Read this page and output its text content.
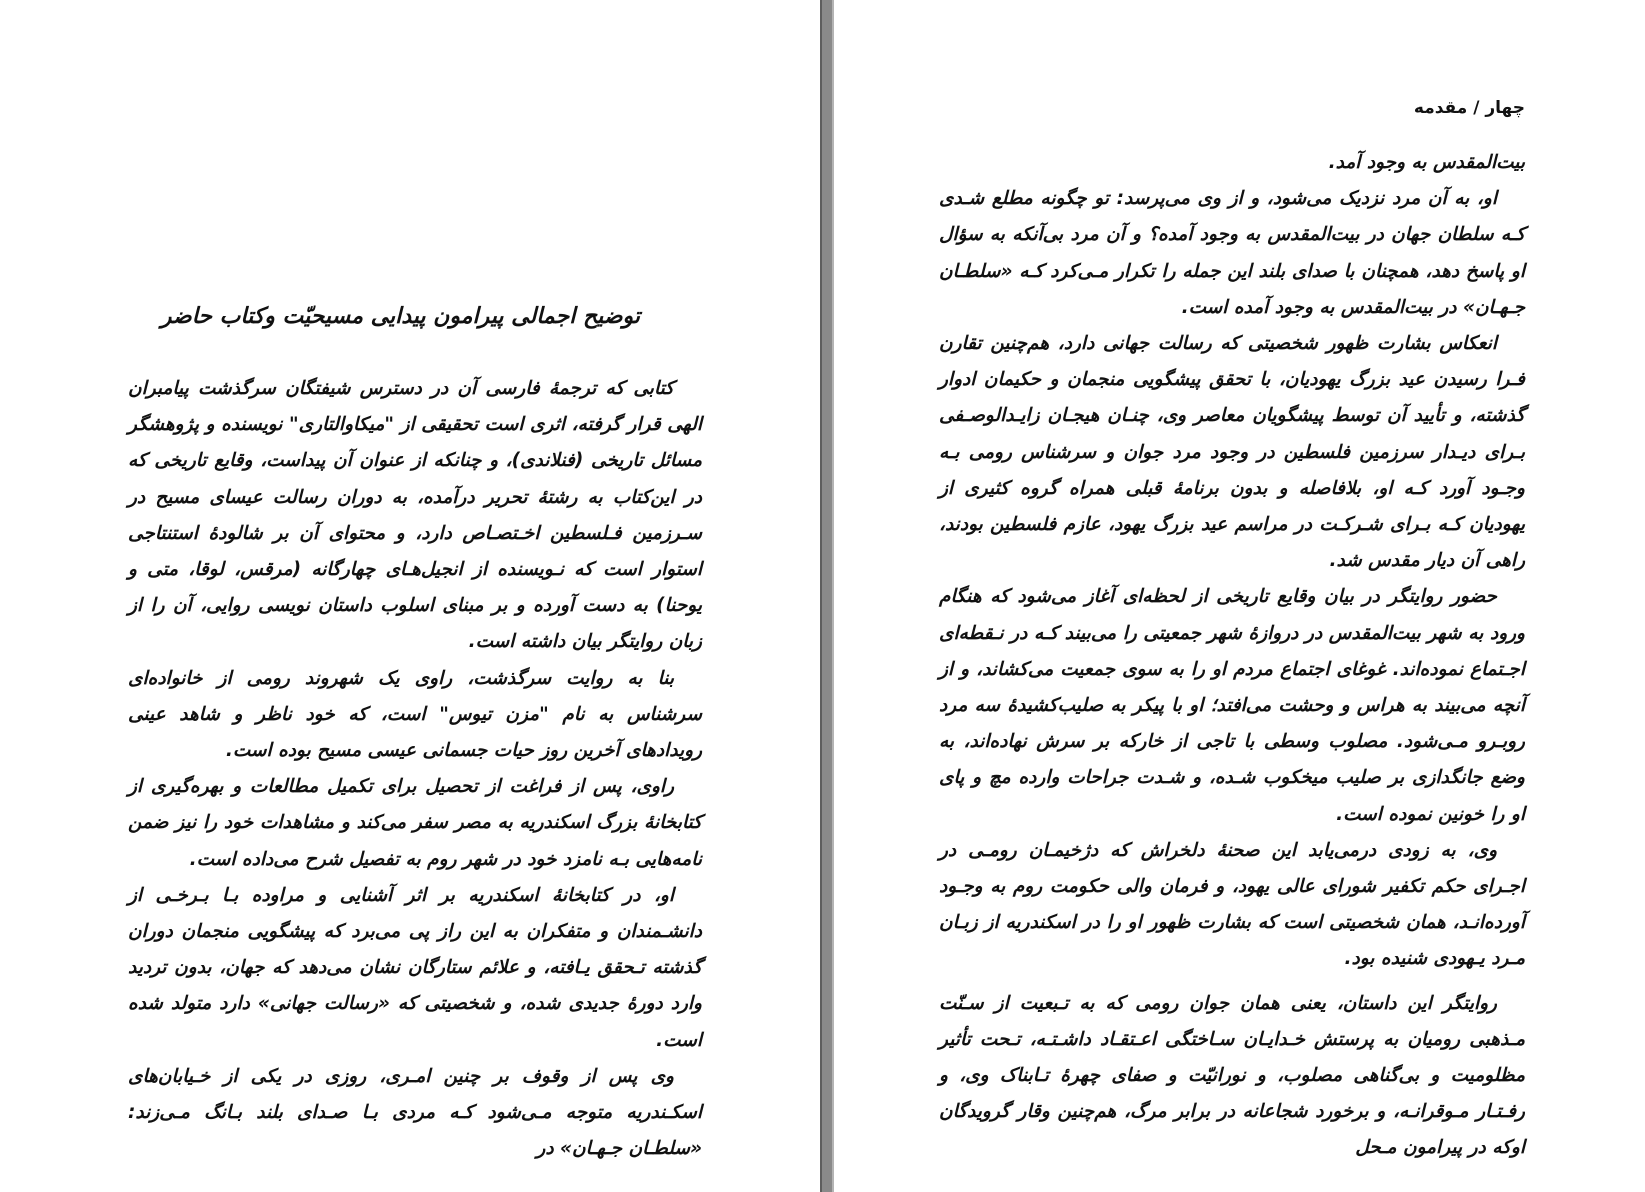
توضیح اجمالی پیرامون پیدایی مسیحیّت وکتاب حاضر

کتابی که ترجمهٔ فارسی آن در دسترس شیفتگان سرگذشت پیامبران الهی قرار گرفته، اثری است تحقیقی از "میکاوالتاری" نویسنده و پژوهشگر مسائل تاریخی (فنلاندی)، و چنانکه از عنوان آن پیداست، وقایع تاریخی که در این‌کتاب به رشتهٔ تحریر درآمده، به دوران رسالت عیسای مسیح در سـرزمین فـلسطین اخـتصـاص دارد، و محتوای آن بر شالودهٔ استنتاجی استوار است که نـویسنده از انجیل‌هـای چهارگانه (مرقس، لوقا، متی و یوحنا) به دست آورده و بر مبنای اسلوب داستان نویسی روایی، آن را از زبان روایتگر بیان داشته است.

بنا به روایت سرگذشت، راوی یک شهروند رومی از خانواده‌ای سرشناس به نام "مزن تیوس" است، که خود ناظر و شاهد عینی رویدادهای آخرین روز حیات جسمانی عیسی مسیح بوده است.

راوی، پس از فراغت از تحصیل برای تکمیل مطالعات و بهره‌گیری از کتابخانهٔ بزرگ اسکندریه به مصر سفر می‌کند و مشاهدات خود را نیز ضمن نامه‌هایی بـه نامزد خود در شهر روم به تفصیل شرح می‌داده است.

او، در کتابخانهٔ اسکندریه بر اثر آشنایی و مراوده بـا بـرخـی از دانشـمندان و متفکران به این راز پی می‌برد که پیشگویی منجمان دوران گذشته تـحقق یـافته، و علائم ستارگان نشان می‌دهد که جهان، بدون تردید وارد دورهٔ جدیدی شده، و شخصیتی که «رسالت جهانی» دارد متولد شده است.

وی پس از وقوف بر چنین امـری، روزی در یکی از خـیابان‌های اسکـندریه متوجه مـی‌شود کـه مردی بـا صـدای بلند بـانگ مـی‌زند: «سلطـان جـهـان» در

چهار / مقدمه

بیت‌المقدس به وجود آمد.

او، به آن مرد نزدیک می‌شود، و از وی می‌پرسد: تو چگونه مطلع شـدی کـه سلطان جهان در بیت‌المقدس به وجود آمده؟ و آن مرد بی‌آنکه به سؤال او پاسخ دهد، همچنان با صدای بلند این جمله را تکرار مـی‌کرد کـه «سلطـان جـهـان» در بیت‌المقدس به وجود آمده است.

انعکاس بشارت ظهور شخصیتی که رسالت جهانی دارد، هم‌چنین تقارن فـرا رسیدن عید بزرگ یهودیان، با تحقق پیشگویی منجمان و حکیمان ادوار گذشته، و تأیید آن توسط پیشگویان معاصر وی، چنـان هیجـان زایـدالوصـفی بـرای دیـدار سرزمین فلسطین در وجود مرد جوان و سرشناس رومی بـه وجـود آورد کـه او، بلافاصله و بدون برنامهٔ قبلی همراه گروه کثیری از یهودیان کـه بـرای شـرکـت در مراسم عید بزرگ یهود، عازم فلسطین بودند، راهی آن دیار مقدس شد.

حضور روایتگر در بیان وقایع تاریخی از لحظه‌ای آغاز می‌شود که هنگام ورود به شهر بیت‌المقدس در دروازهٔ شهر جمعیتی را می‌بیند کـه در نـقطه‌ای اجـتماع نموده‌اند. غوغای اجتماع مردم او را به سوی جمعیت می‌کشاند، و از آنچه می‌بیند به هراس و وحشت می‌افتد؛ او با پیکر به صلیب‌کشیدهٔ سه مرد روبـرو مـی‌شود. مصلوب وسطی با تاجی از خارکه بر سرش نهاده‌اند، به وضع جانگدازی بر صلیب میخکوب شـده، و شـدت جراحات وارده مچ و پای او را خونین نموده است.

وی، به زودی درمی‌یابد این صحنهٔ دلخراش که دژخیمـان رومـی در اجـرای حکم تکفیر شورای عالی یهود، و فرمان والی حکومت روم به وجـود آورده‌انـد، همان شخصیتی است که بشارت ظهور او را در اسکندریه از زبـان مـرد یـهودی شنیده بود.

روایتگر این داستان، یعنی همان جوان رومی که به تـبعیت از سـنّت مـذهبی رومیان به پرستش خـدایـان سـاختگی اعـتقـاد داشـتـه، تـحت تأثیر مظلومیت و بی‌گناهی مصلوب، و نورانیّت و صفای چهرهٔ تـابناک وی، و رفـتـار مـوقرانـه، و برخورد شجاعانه در برابر مرگ، هم‌چنین وقار گرویدگان اوکه در پیرامون مـحل
